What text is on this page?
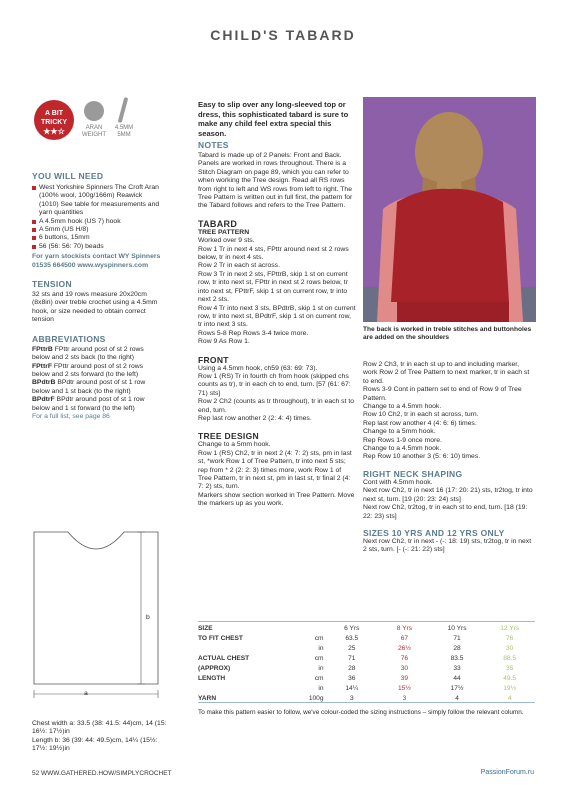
CHILD'S TABARD
A BIT
TRICKY
★★☆	ARAN WEIGHT
4.5MM 5MM
YOU WILL NEED
West Yorkshire Spinners The Croft Aran (100% wool, 100g/166m) Reawick (1010) See table for measurements and yarn quantities
A 4.5mm hook (US 7) hook
A 5mm (US H/8)
6 buttons, 15mm
56 (56: 56: 70) beads
For yarn stockists contact WY Spinners 01535 664500 www.wyspinners.com
TENSION
32 sts and 19 rows measure 20x20cm (8x8in) over treble crochet using a 4.5mm hook, or size needed to obtain correct tension
ABBREVIATIONS
FPttrB FPttr around post of st 2 rows below and 2 sts back (to the right)
FPttrF FPttr around post of st 2 rows below and 2 sts forward (to the left)
BPdtrB BPdtr around post of st 1 row below and 1 st back (to the right)
BPdtrF BPdtr around post of st 1 row below and 1 st forward (to the left)
For a full list, see page 86
a
b
Chest width a: 33.5 (38: 41.5: 44)cm, 14 (15: 16½: 17½)in
Length b: 36 (39: 44: 49.5)cm, 14¼ (15½: 17½: 19½)in
Easy to slip over any long-sleeved top or dress, this sophisticated tabard is sure to make any child feel extra special this season.
NOTES
Tabard is made up of 2 Panels: Front and Back. Panels are worked in rows throughout. There is a Stitch Diagram on page 89, which you can refer to when working the Tree design. Read all RS rows from right to left and WS rows from left to right. The Tree Pattern is written out in full first, the pattern for the Tabard follows and refers to the Tree Pattern.
TABARD
TREE PATTERN
Worked over 9 sts.
Row 1 Tr in next 4 sts, FPttr around next st 2 rows below, tr in next 4 sts.
Row 2 Tr in each st across.
Row 3 Tr in next 2 sts, FPttrB, skip 1 st on current row, tr into next st, FPttr in next st 2 rows below, tr into next st, FPttrF, skip 1 st on current row, tr into next 2 sts.
Row 4 Tr into next 3 sts, BPdtrB, skip 1 st on current row, tr into next st, BPdtrF, skip 1 st on current row, tr into next 3 sts.
Rows 5-8 Rep Rows 3-4 twice more.
Row 9 As Row 1.
FRONT
Using a 4.5mm hook, ch59 (63: 69: 73).
Row 1 (RS) Tr in fourth ch from hook (skipped chs counts as tr), tr in each ch to end, turn. [57 (61: 67: 71) sts]
Row 2 Ch2 (counts as tr throughout), tr in each st to end, turn.
Rep last row another 2 (2: 4: 4) times.
TREE DESIGN
Change to a 5mm hook.
Row 1 (RS) Ch2, tr in next 2 (4: 7: 2) sts, pm in last st, *work Row 1 of Tree Pattern, tr into next 5 sts; rep from * 2 (2: 2: 3) times more, work Row 1 of Tree Pattern, tr in next st, pm in last st, tr final 2 (4: 7: 2) sts, turn.
Markers show section worked in Tree Pattern. Move the markers up as you work.
The back is worked in treble stitches and buttonholes are added on the shoulders
Row 2 Ch3, tr in each st up to and including marker, work Row 2 of Tree Pattern to next marker, tr in each st to end.
Rows 3-9 Cont in pattern set to end of Row 9 of Tree Pattern.
Change to a 4.5mm hook.
Row 10 Ch2, tr in each st across, turn.
Rep last row another 4 (4: 6: 6) times.
Change to a 5mm hook.
Rep Rows 1-9 once more.
Change to a 4.5mm hook.
Rep Row 10 another 3 (5: 6: 10) times.
RIGHT NECK SHAPING
Cont with 4.5mm hook.
Next row Ch2, tr in next 16 (17: 20: 21) sts, tr2tog, tr into next st, turn. [19 (20: 23: 24) sts]
Next row Ch2, tr2tog, tr in each st to end, turn. [18 (19: 22: 23) sts]
SIZES 10 YRS AND 12 YRS ONLY
Next row Ch2, tr in next - (-: 18: 19) sts, tr2tog, tr in next 2 sts, turn. [- (-: 21: 22) sts]
SIZE		6 Yrs	8 Yrs	10 Yrs	12 Yrs
TO FIT CHEST	cm	63.5	67	71	76
	in	25	26½	28	30
ACTUAL CHEST	cm	71	76	83.5	88.5
(APPROX)	in	28	30	33	35
LENGTH	cm	36	39	44	49.5
	in	14¼	15½	17½	19½
YARN	100g	3	3	4	4
To make this pattern easier to follow, we've colour-coded the sizing instructions – simply follow the relevant column.
52 WWW.GATHERED.HOW/SIMPLYCROCHET	PassionForum.ru
